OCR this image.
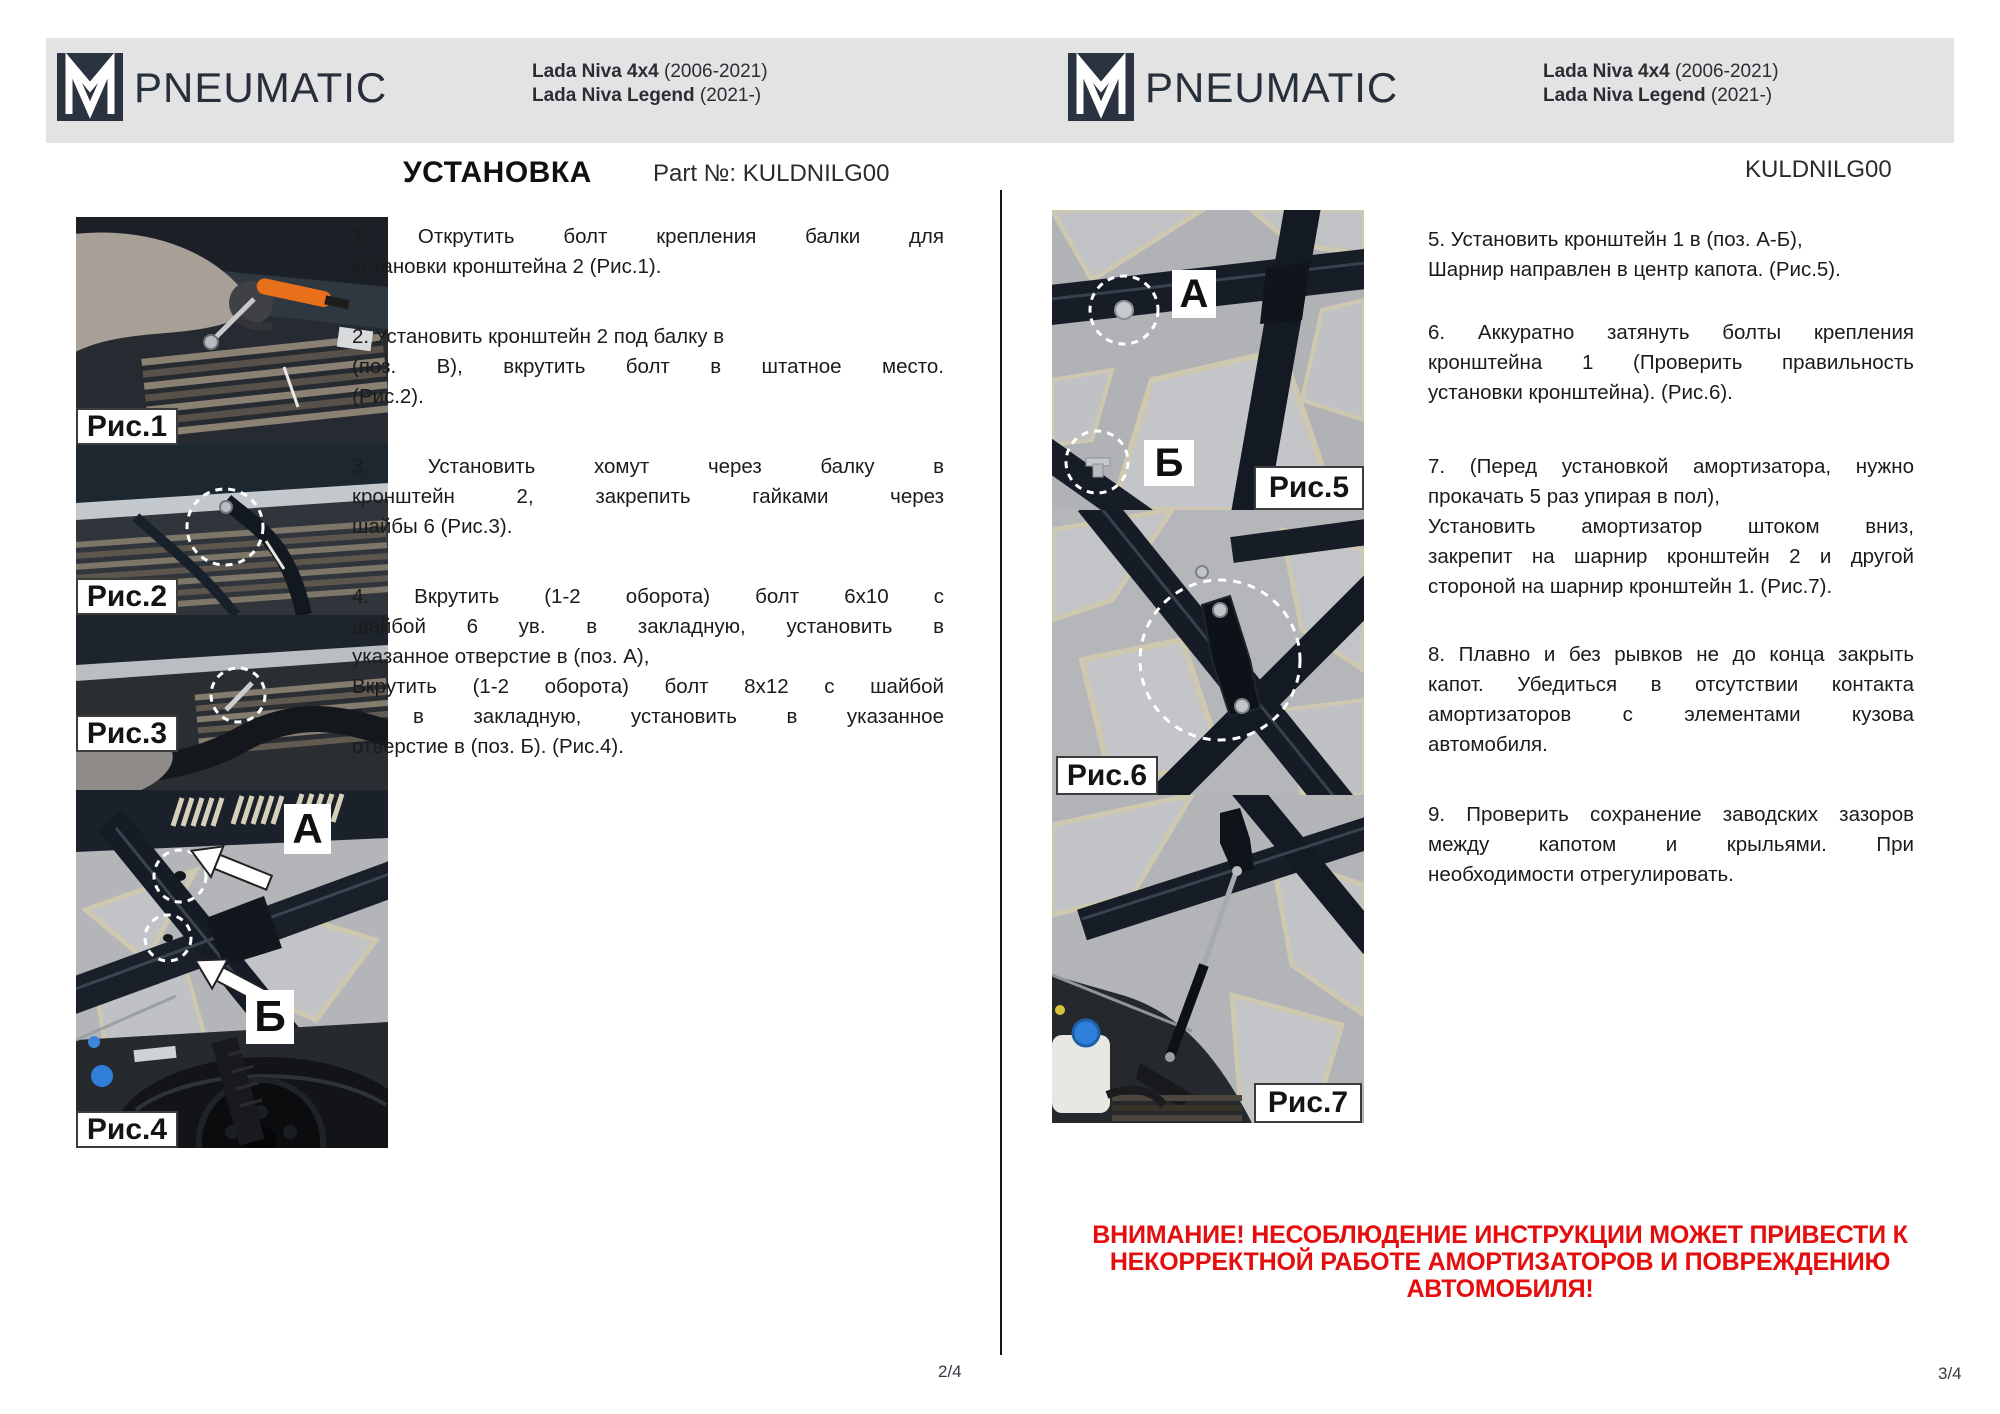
PNEUMATIC	Lada Niva 4x4 (2006-2021)
Lada Niva Legend (2021-)	PNEUMATIC	Lada Niva 4x4 (2006-2021)
Lada Niva Legend (2021-)
УСТАНОВКА	Part №: KULDNILG00	KULDNILG00
Рис.1
Рис.2
Рис.3
А
Б
Рис.4
1. Открутить болт крепления балки для
установки кронштейна 2 (Рис.1).
2. Установить кронштейн 2 под балку в
(поз. В), вкрутить болт в штатное место.
(Рис.2).
3. Установить хомут через балку в
кронштейн 2, закрепить гайками через
шайбы 6 (Рис.3).
4. Вкрутить (1-2 оборота) болт 6х10 с
шайбой 6 ув. в закладную, установить в
указанное отверстие в (поз. А),
Вкрутить (1-2 оборота) болт 8х12 с шайбой
8 в закладную, установить в указанное
отверстие в (поз. Б). (Рис.4).
А
Б
Рис.5
Рис.6
Рис.7
5. Установить кронштейн 1 в (поз. А-Б),
Шарнир направлен в центр капота. (Рис.5).
6. Аккуратно затянуть болты крепления
кронштейна 1 (Проверить правильность
установки кронштейна). (Рис.6).
7. (Перед установкой амортизатора, нужно
прокачать 5 раз упирая в пол),
Установить амортизатор штоком вниз,
закрепит на шарнир кронштейн 2 и другой
стороной на шарнир кронштейн 1. (Рис.7).
8. Плавно и без рывков не до конца закрыть
капот. Убедиться в отсутствии контакта
амортизаторов с элементами кузова
автомобиля.
9. Проверить сохранение заводских зазоров
между капотом и крыльями. При
необходимости отрегулировать.
ВНИМАНИЕ! НЕСОБЛЮДЕНИЕ ИНСТРУКЦИИ МОЖЕТ ПРИВЕСТИ К
НЕКОРРЕКТНОЙ РАБОТЕ АМОРТИЗАТОРОВ И ПОВРЕЖДЕНИЮ
АВТОМОБИЛЯ!
2/4	3/4
